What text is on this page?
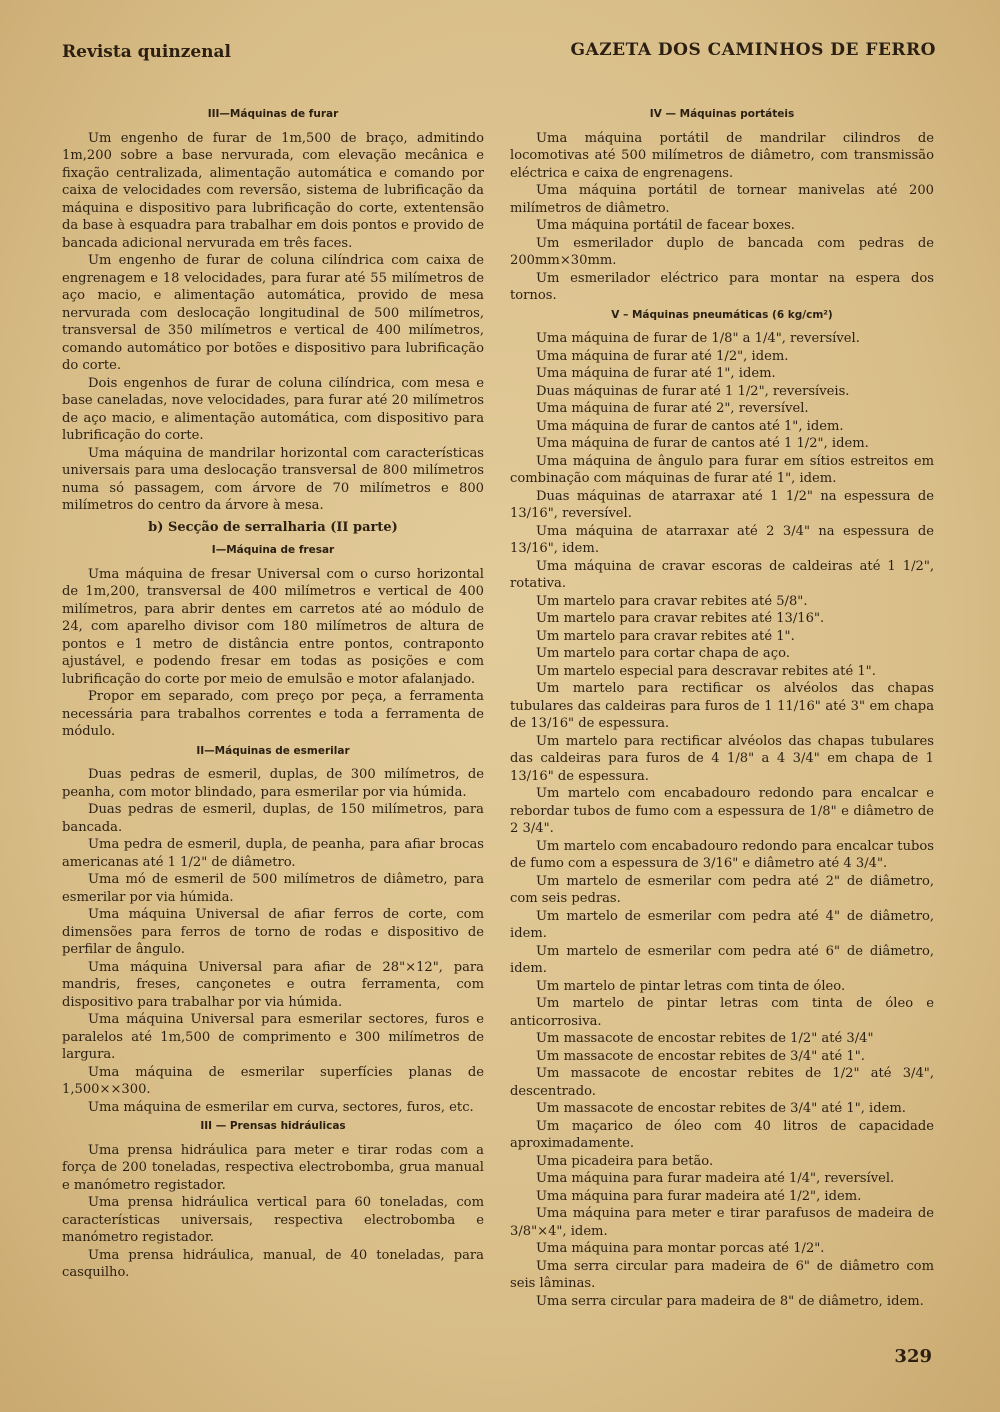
Revista quinzenal	GAZETA DOS CAMINHOS DE FERRO
III—Máquinas de furar

Um engenho de furar de 1m,500 de braço, admitindo 1m,200 sobre a base nervurada, com elevação mecânica e fixação centralizada, alimentação automática e comando por caixa de velocidades com reversão, sistema de lubrificação da máquina e dispositivo para lubrificação do corte, extentensão da base à esquadra para trabalhar em dois pontos e provido de bancada adicional nervurada em três faces.

Um engenho de furar de coluna cilíndrica com caixa de engrenagem e 18 velocidades, para furar até 55 milímetros de aço macio, e alimentação automática, provido de mesa nervurada com deslocação longitudinal de 500 milímetros, transversal de 350 milímetros e vertical de 400 milímetros, comando automático por botões e dispositivo para lubrificação do corte.

Dois engenhos de furar de coluna cilíndrica, com mesa e base caneladas, nove velocidades, para furar até 20 milímetros de aço macio, e alimentação automática, com dispositivo para lubrificação do corte.

Uma máquina de mandrilar horizontal com características universais para uma deslocação transversal de 800 milímetros numa só passagem, com árvore de 70 milímetros e 800 milímetros do centro da árvore à mesa.

b) Secção de serralharia (II parte)
I—Máquina de fresar

Uma máquina de fresar Universal com o curso horizontal de 1m,200, transversal de 400 milímetros e vertical de 400 milímetros, para abrir dentes em carretos até ao módulo de 24, com aparelho divisor com 180 milímetros de altura de pontos e 1 metro de distância entre pontos, contraponto ajustável, e podendo fresar em todas as posições e com lubrificação do corte por meio de emulsão e motor afalanjado.

Propor em separado, com preço por peça, a ferramenta necessária para trabalhos correntes e toda a ferramenta de módulo.

II—Máquinas de esmerilar

Duas pedras de esmeril, duplas, de 300 milímetros, de peanha, com motor blindado, para esmerilar por via húmida.

Duas pedras de esmeril, duplas, de 150 milímetros, para bancada.

Uma pedra de esmeril, dupla, de peanha, para afiar brocas americanas até 1 1/2" de diâmetro.

Uma mó de esmeril de 500 milímetros de diâmetro, para esmerilar por via húmida.

Uma máquina Universal de afiar ferros de corte, com dimensões para ferros de torno de rodas e dispositivo de perfilar de ângulo.

Uma máquina Universal para afiar de 28"×12", para mandris, freses, cançonetes e outra ferramenta, com dispositivo para trabalhar por via húmida.

Uma máquina Universal para esmerilar sectores, furos e paralelos até 1m,500 de comprimento e 300 milímetros de largura.

Uma máquina de esmerilar superfícies planas de 1,500××300.

Uma máquina de esmerilar em curva, sectores, furos, etc.

III — Prensas hidráulicas

Uma prensa hidráulica para meter e tirar rodas com a força de 200 toneladas, respectiva electrobomba, grua manual e manómetro registador.

Uma prensa hidráulica vertical para 60 toneladas, com características universais, respectiva electrobomba e manómetro registador.

Uma prensa hidráulica, manual, de 40 toneladas, para casquilho.

IV — Máquinas portáteis

Uma máquina portátil de mandrilar cilindros de locomotivas até 500 milímetros de diâmetro, com transmissão eléctrica e caixa de engrenagens.

Uma máquina portátil de tornear manivelas até 200 milímetros de diâmetro.

Uma máquina portátil de facear boxes.

Um esmerilador duplo de bancada com pedras de 200mm×30mm.

Um esmerilador eléctrico para montar na espera dos tornos.

V – Máquinas pneumáticas (6 kg/cm²)

Uma máquina de furar de 1/8" a 1/4", reversível.

Uma máquina de furar até 1/2", idem.

Uma máquina de furar até 1", idem.

Duas máquinas de furar até 1 1/2", reversíveis.

Uma máquina de furar até 2", reversível.

Uma máquina de furar de cantos até 1", idem.

Uma máquina de furar de cantos até 1 1/2", idem.

Uma máquina de ângulo para furar em sítios estreitos em combinação com máquinas de furar até 1", idem.

Duas máquinas de atarraxar até 1 1/2" na espessura de 13/16", reversível.

Uma máquina de atarraxar até 2 3/4" na espessura de 13/16", idem.

Uma máquina de cravar escoras de caldeiras até 1 1/2", rotativa.

Um martelo para cravar rebites até 5/8".

Um martelo para cravar rebites até 13/16".

Um martelo para cravar rebites até 1".

Um martelo para cortar chapa de aço.

Um martelo especial para descravar rebites até 1".

Um martelo para rectificar os alvéolos das chapas tubulares das caldeiras para furos de 1 11/16" até 3" em chapa de 13/16" de espessura.

Um martelo para rectificar alvéolos das chapas tubulares das caldeiras para furos de 4 1/8" a 4 3/4" em chapa de 1 13/16" de espessura.

Um martelo com encabadouro redondo para encalcar e rebordar tubos de fumo com a espessura de 1/8" e diâmetro de 2 3/4".

Um martelo com encabadouro redondo para encalcar tubos de fumo com a espessura de 3/16" e diâmetro até 4 3/4".

Um martelo de esmerilar com pedra até 2" de diâmetro, com seis pedras.

Um martelo de esmerilar com pedra até 4" de diâmetro, idem.

Um martelo de esmerilar com pedra até 6" de diâmetro, idem.

Um martelo de pintar letras com tinta de óleo.

Um martelo de pintar letras com tinta de óleo e anticorrosiva.

Um massacote de encostar rebites de 1/2" até 3/4"

Um massacote de encostar rebites de 3/4" até 1".

Um massacote de encostar rebites de 1/2" até 3/4", descentrado.

Um massacote de encostar rebites de 3/4" até 1", idem.

Um maçarico de óleo com 40 litros de capacidade aproximadamente.

Uma picadeira para betão.

Uma máquina para furar madeira até 1/4", reversível.

Uma máquina para furar madeira até 1/2", idem.

Uma máquina para meter e tirar parafusos de madeira de 3/8"×4", idem.

Uma máquina para montar porcas até 1/2".

Uma serra circular para madeira de 6" de diâmetro com seis lâminas.

Uma serra circular para madeira de 8" de diâmetro, idem.

329
